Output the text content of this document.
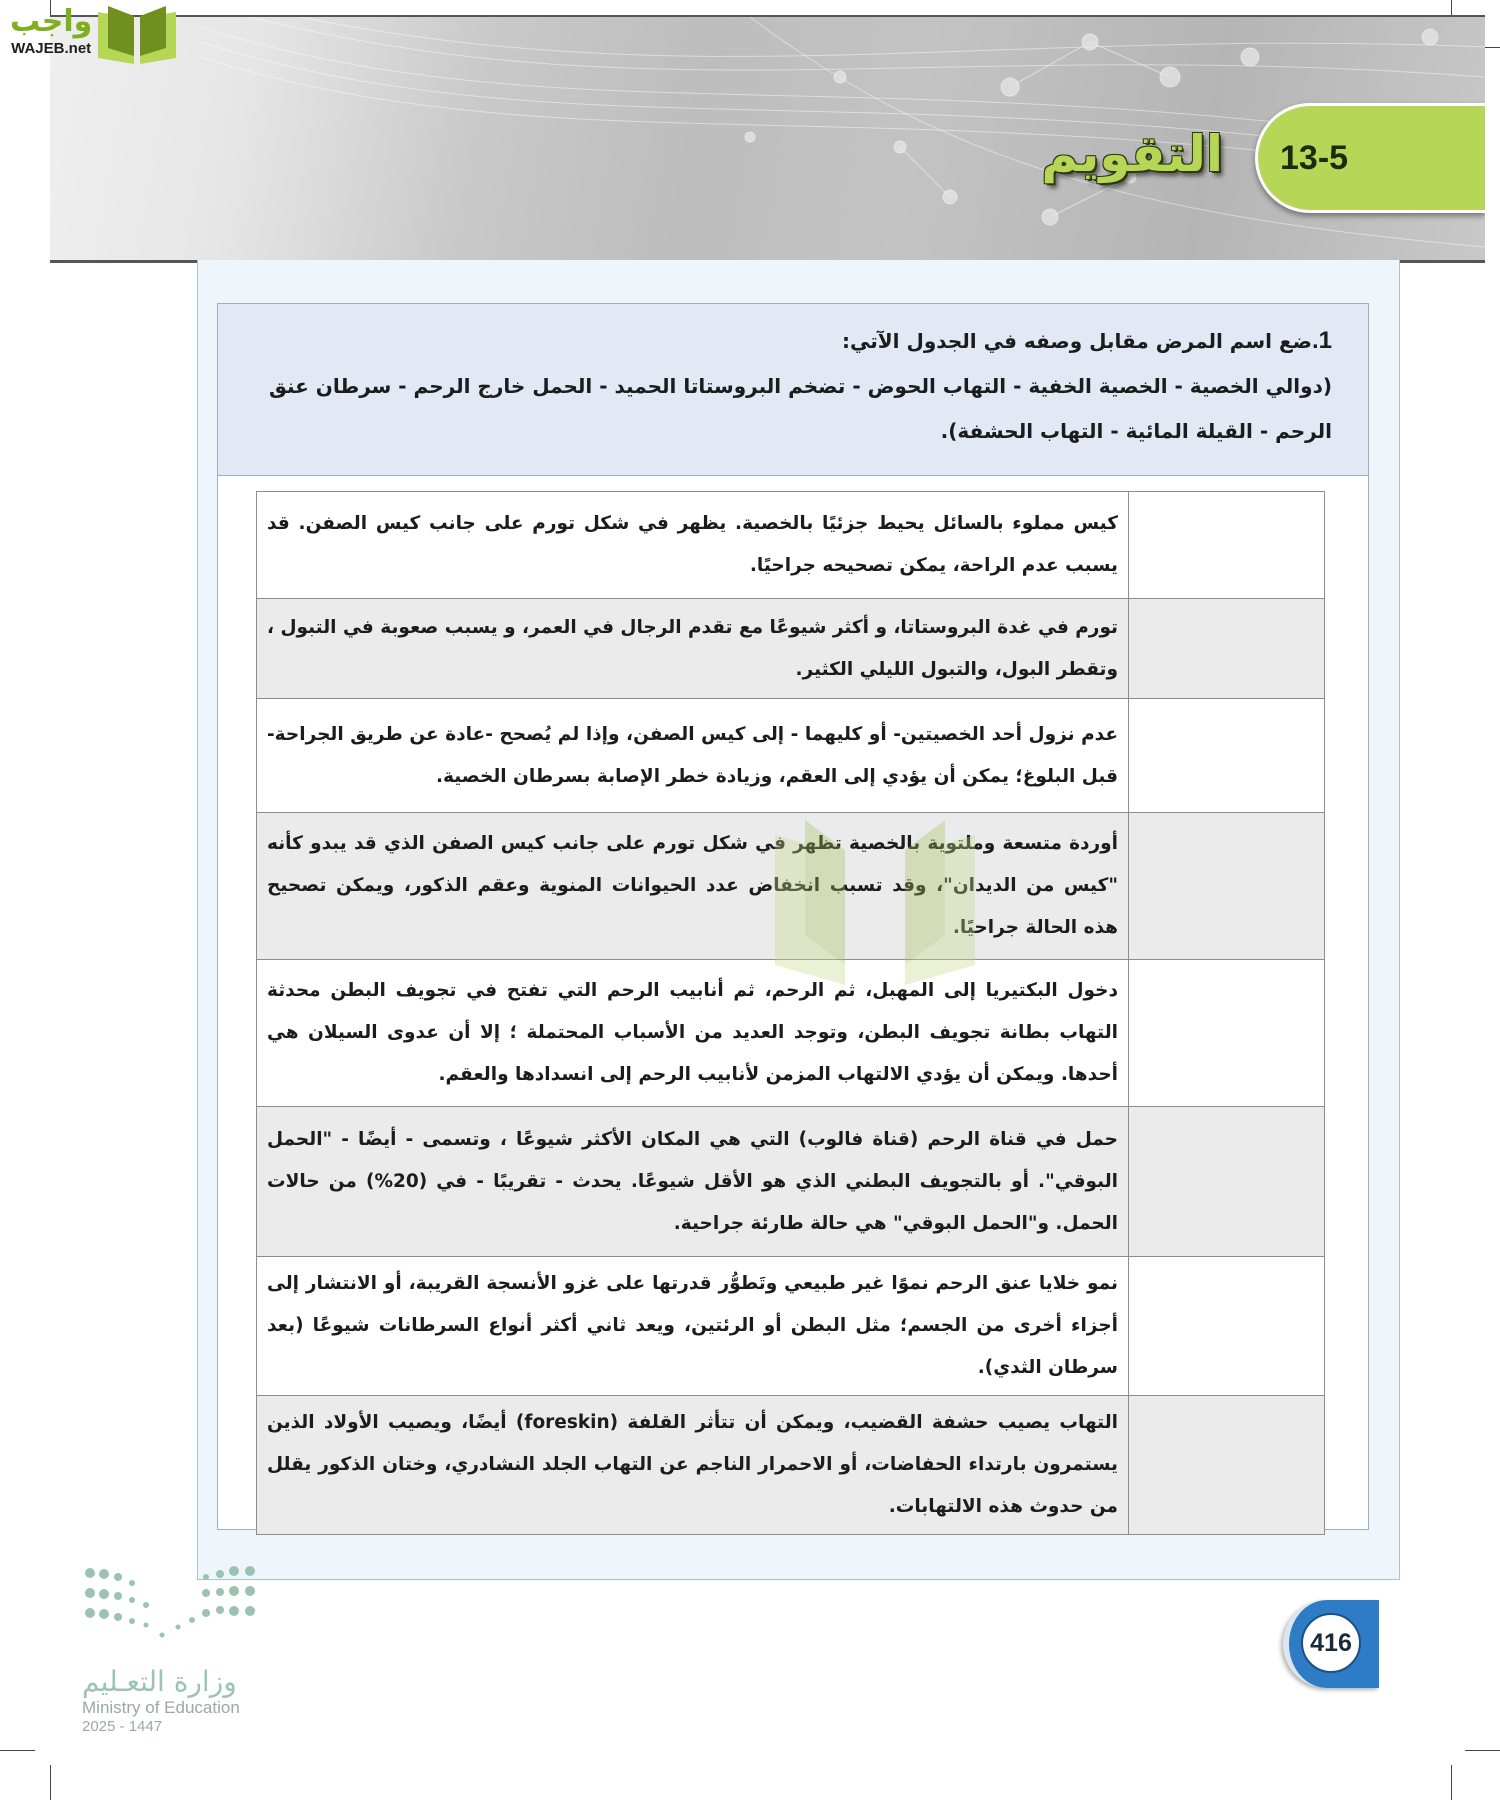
واجب
WAJEB.net
التقويم 13-5

1.ضع اسم المرض مقابل وصفه في الجدول الآتي:

(دوالي الخصية - الخصية الخفية - التهاب الحوض - تضخم البروستاتا الحميد - الحمل خارج الرحم - سرطان عنق الرحم - القيلة المائية - التهاب الحشفة).

	كيس مملوء بالسائل يحيط جزئيًا بالخصية. يظهر في شكل تورم على جانب كيس الصفن. قد يسبب عدم الراحة، يمكن تصحيحه جراحيًا.
	تورم في غدة البروستاتا، و أكثر شيوعًا مع تقدم الرجال في العمر، و يسبب صعوبة في التبول ، وتقطر البول، والتبول الليلي الكثير.
	عدم نزول أحد الخصيتين- أو كليهما - إلى كيس الصفن، وإذا لم يُصحح -عادة عن طريق الجراحة- قبل البلوغ؛ يمكن أن يؤدي إلى العقم، وزيادة خطر الإصابة بسرطان الخصية.
	أوردة متسعة وملتوية بالخصية تظهر في شكل تورم على جانب كيس الصفن الذي قد يبدو كأنه "كيس من الديدان"، وقد تسبب انخفاض عدد الحيوانات المنوية وعقم الذكور، ويمكن تصحيح هذه الحالة جراحيًا.
	دخول البكتيريا إلى المهبل، ثم الرحم، ثم أنابيب الرحم التي تفتح في تجويف البطن محدثة التهاب بطانة تجويف البطن، وتوجد العديد من الأسباب المحتملة ؛ إلا أن عدوى السيلان هي أحدها. ويمكن أن يؤدي الالتهاب المزمن لأنابيب الرحم إلى انسدادها والعقم.
	حمل في قناة الرحم (قناة فالوب) التي هي المكان الأكثر شيوعًا ، وتسمى - أيضًا - "الحمل البوقي". أو بالتجويف البطني الذي هو الأقل شيوعًا. يحدث - تقريبًا - في (20%) من حالات الحمل. و"الحمل البوقي" هي حالة طارئة جراحية.
	نمو خلايا عنق الرحم نموًا غير طبيعي وتَطوُّر قدرتها على غزو الأنسجة القريبة، أو الانتشار إلى أجزاء أخرى من الجسم؛ مثل البطن أو الرئتين، ويعد ثاني أكثر أنواع السرطانات شيوعًا (بعد سرطان الثدي).
	التهاب يصيب حشفة القضيب، ويمكن أن تتأثر القلفة (foreskin) أيضًا، ويصيب الأولاد الذين يستمرون بارتداء الحفاضات، أو الاحمرار الناجم عن التهاب الجلد النشادري، وختان الذكور يقلل من حدوث هذه الالتهابات.
وزارة التعـليم
Ministry of Education
2025 - 1447
416
